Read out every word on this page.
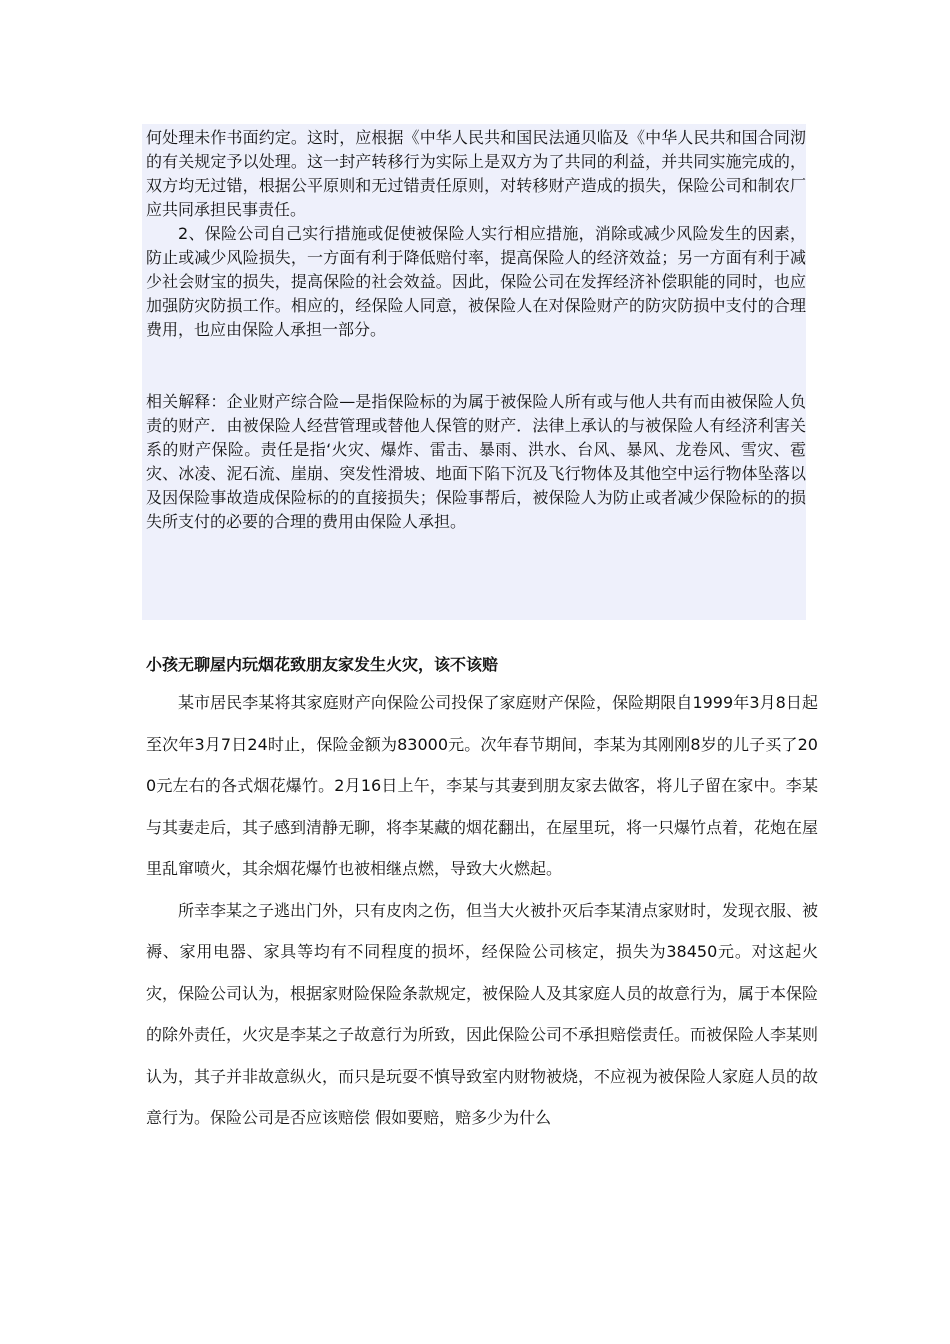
何处理未作书面约定。这时，应根据《中华人民共和国民法通贝临及《中华人民共和国合同沏的有关规定予以处理。这一封产转移行为实际上是双方为了共同的利益，并共同实施完成的，双方均无过错，根据公平原则和无过错责任原则，对转移财产造成的损失，保险公司和制农厂应共同承担民事责任。

2、保险公司自己实行措施或促使被保险人实行相应措施，消除或减少风险发生的因素，防止或减少风险损失，一方面有利于降低赔付率，提高保险人的经济效益；另一方面有利于减少社会财宝的损失，提高保险的社会效益。因此，保险公司在发挥经济补偿职能的同时，也应加强防灾防损工作。相应的，经保险人同意，被保险人在对保险财产的防灾防损中支付的合理费用，也应由保险人承担一部分。

相关解释：企业财产综合险—是指保险标的为属于被保险人所有或与他人共有而由被保险人负责的财产．由被保险人经营管理或替他人保管的财产．法律上承认的与被保险人有经济利害关系的财产保险。责任是指‘火灾、爆炸、雷击、暴雨、洪水、台风、暴风、龙卷风、雪灾、雹灾、冰凌、泥石流、崖崩、突发性滑坡、地面下陷下沉及飞行物体及其他空中运行物体坠落以及因保险事故造成保险标的的直接损失；保险事帮后，被保险人为防止或者减少保险标的的损失所支付的必要的合理的费用由保险人承担。

小孩无聊屋内玩烟花致朋友家发生火灾，该不该赔

某市居民李某将其家庭财产向保险公司投保了家庭财产保险，保险期限自1999年3月8日起至次年3月7日24时止，保险金额为83000元。次年春节期间，李某为其刚刚8岁的儿子买了200元左右的各式烟花爆竹。2月16日上午，李某与其妻到朋友家去做客，将儿子留在家中。李某与其妻走后，其子感到清静无聊，将李某藏的烟花翻出，在屋里玩，将一只爆竹点着，花炮在屋里乱窜喷火，其余烟花爆竹也被相继点燃，导致大火燃起。

所幸李某之子逃出门外，只有皮肉之伤，但当大火被扑灭后李某清点家财时，发现衣服、被褥、家用电器、家具等均有不同程度的损坏，经保险公司核定，损失为38450元。对这起火灾，保险公司认为，根据家财险保险条款规定，被保险人及其家庭人员的故意行为，属于本保险的除外责任，火灾是李某之子故意行为所致，因此保险公司不承担赔偿责任。而被保险人李某则认为，其子并非故意纵火，而只是玩耍不慎导致室内财物被烧，不应视为被保险人家庭人员的故意行为。保险公司是否应该赔偿 假如要赔，赔多少为什么
